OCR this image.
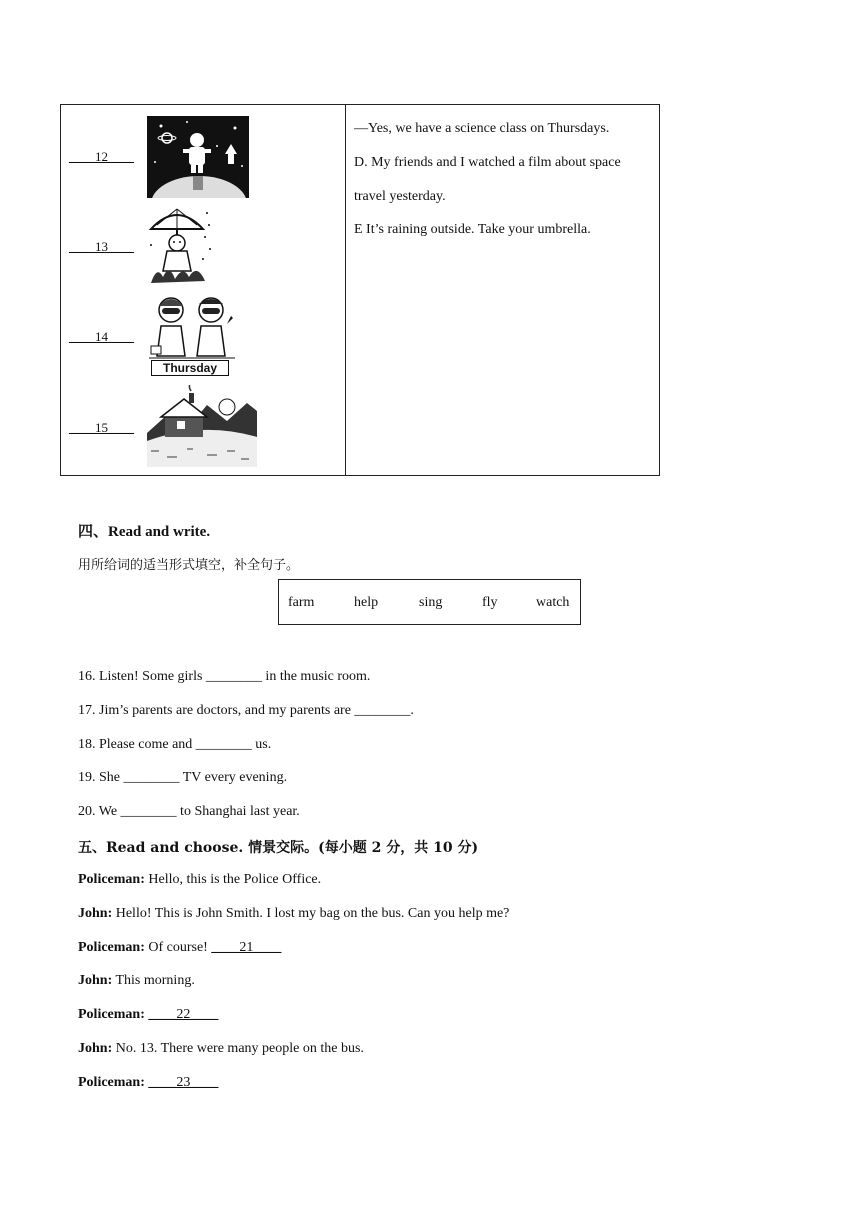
____12____
____13____
____14____
Thursday
____15____
—Yes, we have a science class on Thursdays.
D. My friends and I watched a film about space
travel yesterday.
E It’s raining outside. Take your umbrella.
四、Read and write.
用所给词的适当形式填空，补全句子。
farm	help	sing	fly	watch
16. Listen! Some girls ________ in the music room.
17. Jim’s parents are doctors, and my parents are ________.
18. Please come and ________ us.
19. She ________ TV every evening.
20. We ________ to Shanghai last year.
五、Read and choose. 情景交际。(每小题 2 分，共 10 分)
Policeman: Hello, this is the Police Office.
John: Hello! This is John Smith. I lost my bag on the bus. Can you help me?
Policeman: Of course! ____21____
John: This morning.
Policeman: ____22____
John: No. 13. There were many people on the bus.
Policeman: ____23____
